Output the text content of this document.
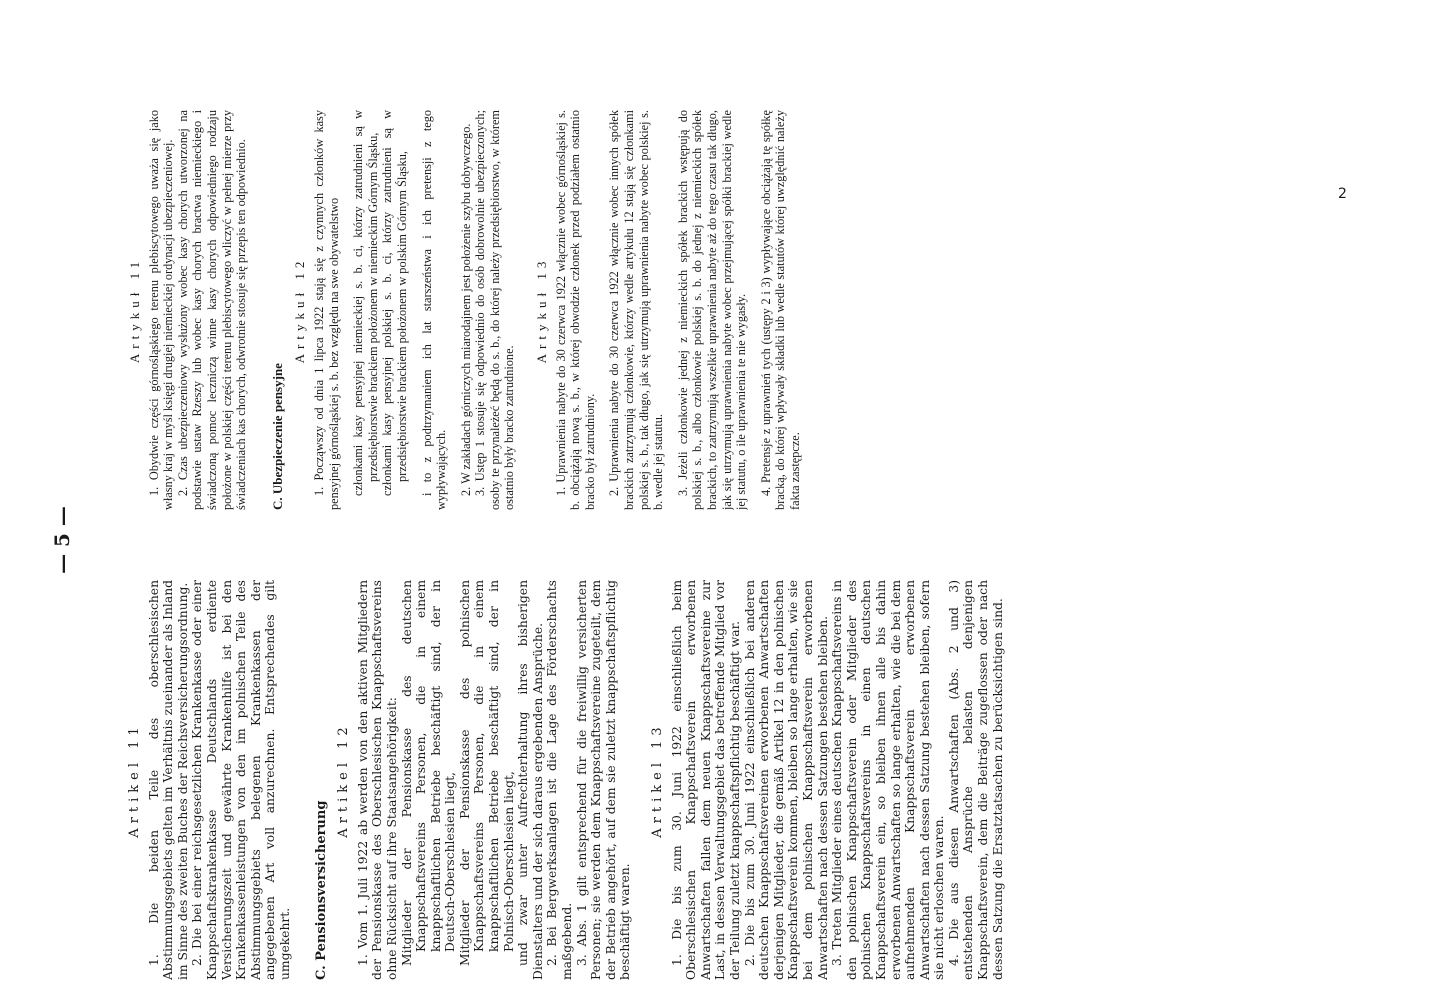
— 5 —
Artikel 11 1. Die beiden Teile des oberschlesischen Abstimmungsgebiets gelten im Verhältnis zueinander als Inland im Sinne des zweiten Buches der Reichsversicherungsordnung. 2. Die bei einer reichsgesetzlichen Krankenkasse oder einer Knappschaftskrankenkasse Deutschlands erdiente Versicherungszeit und gewährte Krankenhilfe ist bei den Krankenkassenleistungen von den im polnischen Teile des Abstimmungsgebiets belegenen Krankenkassen der angegebenen Art voll anzurechnen. Entsprechendes gilt umgekehrt. C. Pensionsversicherung
Artikel 12 1. Vom 1. Juli 1922 ab werden von den aktiven Mitgliedern der Pensionskasse des Oberschlesischen Knappschaftsvereins ohne Rücksicht auf ihre Staatsangehörigkeit: Mitglieder der Pensionskasse des deutschen Knappschaftsvereins Personen, die in einem knappschaftlichen Betriebe beschäftigt sind, der in Deutsch-Oberschlesien liegt, Mitglieder der Pensionskasse des polnischen Knappschaftsvereins Personen, die in einem knappschaftlichen Betriebe beschäftigt sind, der in Polnisch-Oberschlesien liegt, und zwar unter Aufrechterhaltung ihres bisherigen Dienstalters und der sich daraus ergebenden Ansprüche. 2. Bei Bergwerksanlagen ist die Lage des Förderschachts maßgebend. 3. Abs. 1 gilt entsprechend für die freiwillig versicherten Personen; sie werden dem Knappschaftsvereine zugeteilt, dem der Betrieb angehört, auf dem sie zuletzt knappschaftspflichtig beschäftigt waren.

Artikel 13 1. Die bis zum 30. Juni 1922 einschließlich beim Oberschlesischen Knappschaftsverein erworbenen Anwartschaften fallen dem neuen Knappschaftsvereine zur Last, in dessen Verwaltungsgebiet das betreffende Mitglied vor der Teilung zuletzt knappschaftspflichtig beschäftigt war. 2. Die bis zum 30. Juni 1922 einschließlich bei anderen deutschen Knappschaftsvereinen erworbenen Anwartschaften derjenigen Mitglieder, die gemäß Artikel 12 in den polnischen Knappschaftsverein kommen, bleiben so lange erhalten, wie sie bei dem polnischen Knappschaftsverein erworbenen Anwartschaften nach dessen Satzungen bestehen bleiben. 3. Treten Mitglieder eines deutschen Knappschaftsvereins in den polnischen Knappschaftsverein oder Mitglieder des polnischen Knappschaftsvereins in einen deutschen Knappschaftsverein ein, so bleiben ihnen alle bis dahin erworbenen Anwartschaften so lange erhalten, wie die bei dem aufnehmenden Knappschaftsverein erworbenen Anwartschaften nach dessen Satzung bestehen bleiben, sofern sie nicht erloschen waren. 4. Die aus diesen Anwartschaften (Abs. 2 und 3) entstehenden Ansprüche belasten denjenigen Knappschaftsverein, dem die Beiträge zugeflossen oder nach dessen Satzung die Ersatztatsachen zu berücksichtigen sind.

Artykuł 11 1. Obydwie części górnośląskiego terenu plebiscytowego uważa się jako własny kraj w myśl księgi drugiej niemieckiej ordynacji ubezpieczeniowej. 2. Czas ubezpieczeniowy wysłużony wobec kasy chorych utworzonej na podstawie ustaw Rzeszy lub wobec kasy chorych bractwa niemieckiego i świadczoną pomoc leczniczą winne kasy chorych odpowiedniego rodzaju położone w polskiej części terenu plebiscytowego wliczyć w pełnej mierze przy świadczeniach kas chorych, odwrotnie stosuje się przepis ten odpowiednio. C. Ubezpieczenie pensyjne
Artykuł 12 1. Począwszy od dnia 1 lipca 1922 stają się z czynnych członków kasy pensyjnej górnośląskiej s. b. bez względu na swe obywatelstwo członkami kasy pensyjnej niemieckiej s. b. ci, którzy zatrudnieni są w przedsiębiorstwie brackiem położonem w niemieckim Górnym Śląsku, członkami kasy pensyjnej polskiej s. b. ci, którzy zatrudnieni są w przedsiębiorstwie brackiem położonem w polskim Górnym Śląsku, i to z podtrzymaniem ich lat starszeństwa i ich pretensji z tego wypływających. 2. W zakładach górniczych miarodajnem jest położenie szybu dobywczego. 3. Ustęp 1 stosuje się odpowiednio do osób dobrowolnie ubezpieczonych; osoby te przynależeć będą do s. b., do której należy przedsiębiorstwo, w którem ostatnio były bracko zatrudnione.

Artykuł 13 1. Uprawnienia nabyte do 30 czerwca 1922 włącznie wobec górnośląskiej s. b. obciążają nową s. b., w której obwodzie członek przed podziałem ostatnio bracko był zatrudniony. 2. Uprawnienia nabyte do 30 czerwca 1922 włącznie wobec innych spółek brackich zatrzymują członkowie, którzy wedle artykułu 12 stają się członkami polskiej s. b., tak długo, jak się utrzymują uprawnienia nabyte wobec polskiej s. b. wedle jej statutu. 3. Jeżeli członkowie jednej z niemieckich spółek brackich wstępują do polskiej s. b., albo członkowie polskiej s. b. do jednej z niemieckich spółek brackich, to zatrzymują wszelkie uprawnienia nabyte aż do tego czasu tak długo, jak się utrzymują uprawnienia nabyte wobec przejmującej spółki brackiej wedle jej statutu, o ile uprawnienia te nie wygasły. 4. Pretensje z uprawnień tych (ustępy 2 i 3) wypływające obciążają tę spółkę bracką, do której wpływały składki lub wedle statutów której uwzględnić należy fakta zastępcze.

2
